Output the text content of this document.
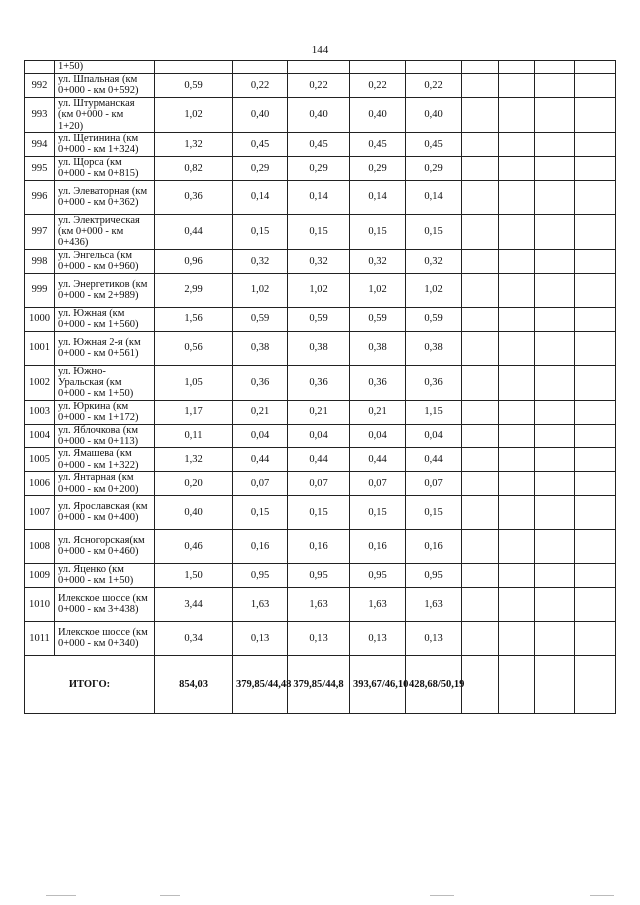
144
	1+50)									
992	ул. Шпальная (км 0+000 - км 0+592)	0,59	0,22	0,22	0,22	0,22				
993	ул. Штурманская (км 0+000 - км 1+20)	1,02	0,40	0,40	0,40	0,40				
994	ул. Щетинина (км 0+000 - км 1+324)	1,32	0,45	0,45	0,45	0,45				
995	ул. Щорса (км 0+000 - км 0+815)	0,82	0,29	0,29	0,29	0,29				
996	ул. Элеваторная (км 0+000 - км 0+362)	0,36	0,14	0,14	0,14	0,14				
997	ул. Электрическая (км 0+000 - км 0+436)	0,44	0,15	0,15	0,15	0,15				
998	ул. Энгельса (км 0+000 - км 0+960)	0,96	0,32	0,32	0,32	0,32				
999	ул. Энергетиков (км 0+000 - км 2+989)	2,99	1,02	1,02	1,02	1,02				
1000	ул. Южная (км 0+000 - км 1+560)	1,56	0,59	0,59	0,59	0,59				
1001	ул. Южная 2-я (км 0+000 - км 0+561)	0,56	0,38	0,38	0,38	0,38				
1002	ул. Южно-Уральская (км 0+000 - км 1+50)	1,05	0,36	0,36	0,36	0,36				
1003	ул. Юркина (км 0+000 - км 1+172)	1,17	0,21	0,21	0,21	1,15				
1004	ул. Яблочкова (км 0+000 - км 0+113)	0,11	0,04	0,04	0,04	0,04				
1005	ул. Ямашева (км 0+000 - км 1+322)	1,32	0,44	0,44	0,44	0,44				
1006	ул. Янтарная (км 0+000 - км 0+200)	0,20	0,07	0,07	0,07	0,07				
1007	ул. Ярославская (км 0+000 - км 0+400)	0,40	0,15	0,15	0,15	0,15				
1008	ул. Ясногорская(км 0+000 - км 0+460)	0,46	0,16	0,16	0,16	0,16				
1009	ул. Яценко (км 0+000 - км 1+50)	1,50	0,95	0,95	0,95	0,95				
1010	Илекское шоссе (км 0+000 - км 3+438)	3,44	1,63	1,63	1,63	1,63				
1011	Илекское шоссе (км 0+000 - км 0+340)	0,34	0,13	0,13	0,13	0,13				
ИТОГО:		854,03	379,85/44,48	379,85/44,8	393,67/46,10	428,68/50,19				
